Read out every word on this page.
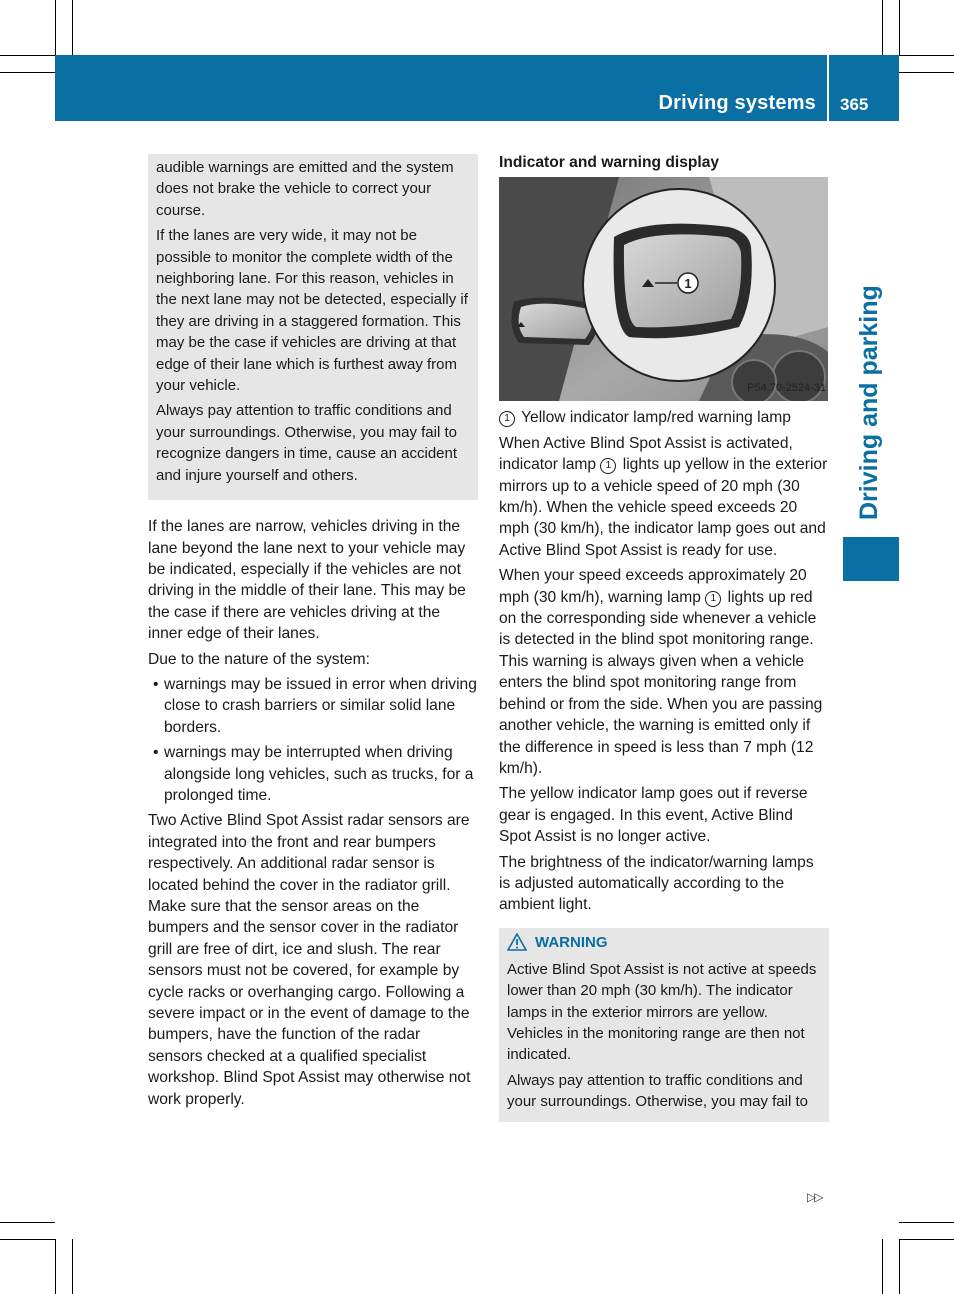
Driving systems 365
Driving and parking

audible warnings are emitted and the system does not brake the vehicle to correct your course.

If the lanes are very wide, it may not be possible to monitor the complete width of the neighboring lane. For this reason, vehicles in the next lane may not be detected, especially if they are driving in a staggered formation. This may be the case if vehicles are driving at that edge of their lane which is furthest away from your vehicle.

Always pay attention to traffic conditions and your surroundings. Otherwise, you may fail to recognize dangers in time, cause an accident and injure yourself and others.

If the lanes are narrow, vehicles driving in the lane beyond the lane next to your vehicle may be indicated, especially if the vehicles are not driving in the middle of their lane. This may be the case if there are vehicles driving at the inner edge of their lanes.

Due to the nature of the system:

• warnings may be issued in error when driving close to crash barriers or similar solid lane borders.
• warnings may be interrupted when driving alongside long vehicles, such as trucks, for a prolonged time.

Two Active Blind Spot Assist radar sensors are integrated into the front and rear bumpers respectively. An additional radar sensor is located behind the cover in the radiator grill. Make sure that the sensor areas on the bumpers and the sensor cover in the radiator grill are free of dirt, ice and slush. The rear sensors must not be covered, for example by cycle racks or overhanging cargo. Following a severe impact or in the event of damage to the bumpers, have the function of the radar sensors checked at a qualified specialist workshop. Blind Spot Assist may otherwise not work properly.

Indicator and warning display

1
P54.70-2524-31

1 Yellow indicator lamp/red warning lamp

When Active Blind Spot Assist is activated, indicator lamp 1 lights up yellow in the exterior mirrors up to a vehicle speed of 20 mph (30 km/h). When the vehicle speed exceeds 20 mph (30 km/h), the indicator lamp goes out and Active Blind Spot Assist is ready for use.

When your speed exceeds approximately 20 mph (30 km/h), warning lamp 1 lights up red on the corresponding side whenever a vehicle is detected in the blind spot monitoring range. This warning is always given when a vehicle enters the blind spot monitoring range from behind or from the side. When you are passing another vehicle, the warning is emitted only if the difference in speed is less than 7 mph (12 km/h).

The yellow indicator lamp goes out if reverse gear is engaged. In this event, Active Blind Spot Assist is no longer active.

The brightness of the indicator/warning lamps is adjusted automatically according to the ambient light.

WARNING

Active Blind Spot Assist is not active at speeds lower than 20 mph (30 km/h). The indicator lamps in the exterior mirrors are yellow. Vehicles in the monitoring range are then not indicated.

Always pay attention to traffic conditions and your surroundings. Otherwise, you may fail to

▷▷
